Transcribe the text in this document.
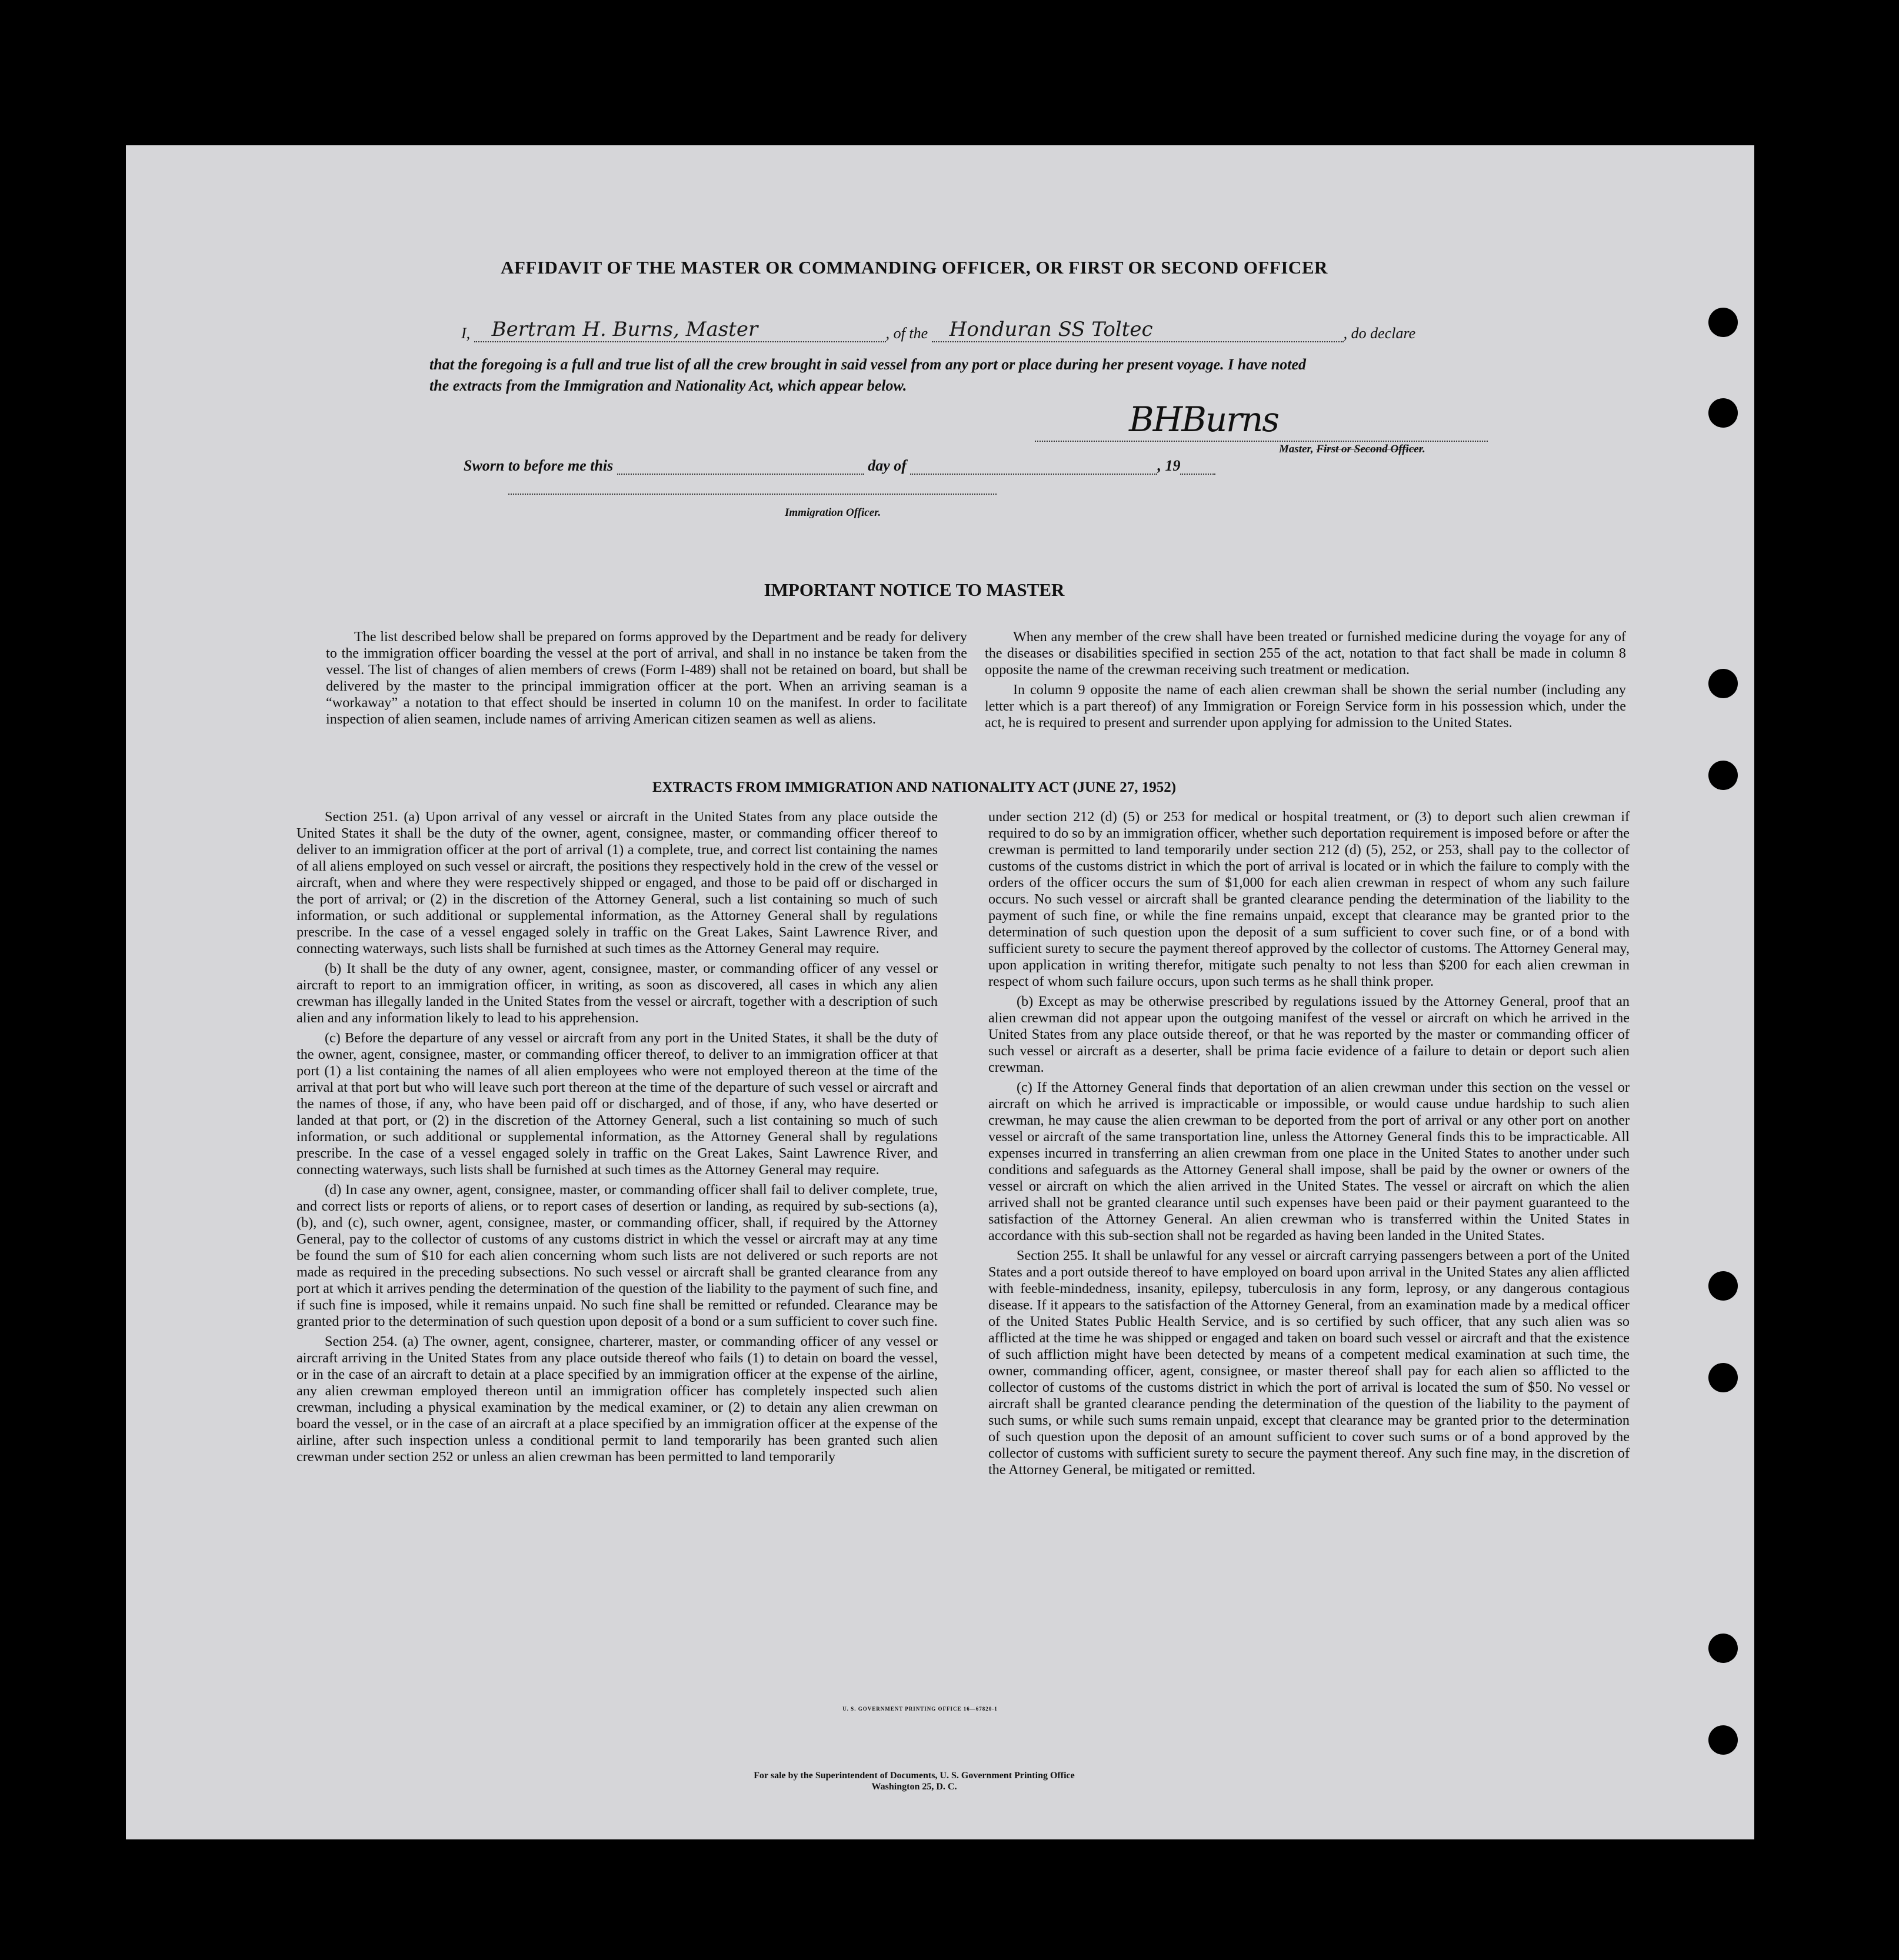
AFFIDAVIT OF THE MASTER OR COMMANDING OFFICER, OR FIRST OR SECOND OFFICER
I, Bertram H. Burns, Master	, of the Honduran SS Toltec	, do declare
that the foregoing is a full and true list of all the crew brought in said vessel from any port or place during her present voyage. I have noted
the extracts from the Immigration and Nationality Act, which appear below.
BHBurns
Master, First or Second Officer.
Sworn to before me this	day of	, 19
Immigration Officer.
IMPORTANT NOTICE TO MASTER

The list described below shall be prepared on forms approved by the Department and be ready for delivery to the immigration officer boarding the vessel at the port of arrival, and shall in no instance be taken from the vessel. The list of changes of alien members of crews (Form I-489) shall not be retained on board, but shall be delivered by the master to the principal immigration officer at the port. When an arriving seaman is a “workaway” a notation to that effect should be inserted in column 10 on the manifest. In order to facilitate inspection of alien seamen, include names of arriving American citizen seamen as well as aliens.

When any member of the crew shall have been treated or furnished medicine during the voyage for any of the diseases or disabilities specified in section 255 of the act, notation to that fact shall be made in column 8 opposite the name of the crewman receiving such treatment or medication.

In column 9 opposite the name of each alien crewman shall be shown the serial number (including any letter which is a part thereof) of any Immigration or Foreign Service form in his possession which, under the act, he is required to present and surrender upon applying for admission to the United States.

EXTRACTS FROM IMMIGRATION AND NATIONALITY ACT (JUNE 27, 1952)

Section 251. (a) Upon arrival of any vessel or aircraft in the United States from any place outside the United States it shall be the duty of the owner, agent, consignee, master, or commanding officer thereof to deliver to an immigration officer at the port of arrival (1) a complete, true, and correct list containing the names of all aliens employed on such vessel or aircraft, the positions they respectively hold in the crew of the vessel or aircraft, when and where they were respectively shipped or engaged, and those to be paid off or discharged in the port of arrival; or (2) in the discretion of the Attorney General, such a list containing so much of such information, or such additional or supplemental information, as the Attorney General shall by regulations prescribe. In the case of a vessel engaged solely in traffic on the Great Lakes, Saint Lawrence River, and connecting waterways, such lists shall be furnished at such times as the Attorney General may require.

(b) It shall be the duty of any owner, agent, consignee, master, or commanding officer of any vessel or aircraft to report to an immigration officer, in writing, as soon as discovered, all cases in which any alien crewman has illegally landed in the United States from the vessel or aircraft, together with a description of such alien and any information likely to lead to his apprehension.

(c) Before the departure of any vessel or aircraft from any port in the United States, it shall be the duty of the owner, agent, consignee, master, or commanding officer thereof, to deliver to an immigration officer at that port (1) a list containing the names of all alien employees who were not employed thereon at the time of the arrival at that port but who will leave such port thereon at the time of the departure of such vessel or aircraft and the names of those, if any, who have been paid off or discharged, and of those, if any, who have deserted or landed at that port, or (2) in the discretion of the Attorney General, such a list containing so much of such information, or such additional or supplemental information, as the Attorney General shall by regulations prescribe. In the case of a vessel engaged solely in traffic on the Great Lakes, Saint Lawrence River, and connecting waterways, such lists shall be furnished at such times as the Attorney General may require.

(d) In case any owner, agent, consignee, master, or commanding officer shall fail to deliver complete, true, and correct lists or reports of aliens, or to report cases of desertion or landing, as required by sub-sections (a), (b), and (c), such owner, agent, consignee, master, or commanding officer, shall, if required by the Attorney General, pay to the collector of customs of any customs district in which the vessel or aircraft may at any time be found the sum of $10 for each alien concerning whom such lists are not delivered or such reports are not made as required in the preceding subsections. No such vessel or aircraft shall be granted clearance from any port at which it arrives pending the determination of the question of the liability to the payment of such fine, and if such fine is imposed, while it remains unpaid. No such fine shall be remitted or refunded. Clearance may be granted prior to the determination of such question upon deposit of a bond or a sum sufficient to cover such fine.

Section 254. (a) The owner, agent, consignee, charterer, master, or commanding officer of any vessel or aircraft arriving in the United States from any place outside thereof who fails (1) to detain on board the vessel, or in the case of an aircraft to detain at a place specified by an immigration officer at the expense of the airline, any alien crewman employed thereon until an immigration officer has completely inspected such alien crewman, including a physical examination by the medical examiner, or (2) to detain any alien crewman on board the vessel, or in the case of an aircraft at a place specified by an immigration officer at the expense of the airline, after such inspection unless a conditional permit to land temporarily has been granted such alien crewman under section 252 or unless an alien crewman has been permitted to land temporarily

under section 212 (d) (5) or 253 for medical or hospital treatment, or (3) to deport such alien crewman if required to do so by an immigration officer, whether such deportation requirement is imposed before or after the crewman is permitted to land temporarily under section 212 (d) (5), 252, or 253, shall pay to the collector of customs of the customs district in which the port of arrival is located or in which the failure to comply with the orders of the officer occurs the sum of $1,000 for each alien crewman in respect of whom any such failure occurs. No such vessel or aircraft shall be granted clearance pending the determination of the liability to the payment of such fine, or while the fine remains unpaid, except that clearance may be granted prior to the determination of such question upon the deposit of a sum sufficient to cover such fine, or of a bond with sufficient surety to secure the payment thereof approved by the collector of customs. The Attorney General may, upon application in writing therefor, mitigate such penalty to not less than $200 for each alien crewman in respect of whom such failure occurs, upon such terms as he shall think proper.

(b) Except as may be otherwise prescribed by regulations issued by the Attorney General, proof that an alien crewman did not appear upon the outgoing manifest of the vessel or aircraft on which he arrived in the United States from any place outside thereof, or that he was reported by the master or commanding officer of such vessel or aircraft as a deserter, shall be prima facie evidence of a failure to detain or deport such alien crewman.

(c) If the Attorney General finds that deportation of an alien crewman under this section on the vessel or aircraft on which he arrived is impracticable or impossible, or would cause undue hardship to such alien crewman, he may cause the alien crewman to be deported from the port of arrival or any other port on another vessel or aircraft of the same transportation line, unless the Attorney General finds this to be impracticable. All expenses incurred in transferring an alien crewman from one place in the United States to another under such conditions and safeguards as the Attorney General shall impose, shall be paid by the owner or owners of the vessel or aircraft on which the alien arrived in the United States. The vessel or aircraft on which the alien arrived shall not be granted clearance until such expenses have been paid or their payment guaranteed to the satisfaction of the Attorney General. An alien crewman who is transferred within the United States in accordance with this sub-section shall not be regarded as having been landed in the United States.

Section 255. It shall be unlawful for any vessel or aircraft carrying passengers between a port of the United States and a port outside thereof to have employed on board upon arrival in the United States any alien afflicted with feeble-mindedness, insanity, epilepsy, tuberculosis in any form, leprosy, or any dangerous contagious disease. If it appears to the satisfaction of the Attorney General, from an examination made by a medical officer of the United States Public Health Service, and is so certified by such officer, that any such alien was so afflicted at the time he was shipped or engaged and taken on board such vessel or aircraft and that the existence of such affliction might have been detected by means of a competent medical examination at such time, the owner, commanding officer, agent, consignee, or master thereof shall pay for each alien so afflicted to the collector of customs of the customs district in which the port of arrival is located the sum of $50. No vessel or aircraft shall be granted clearance pending the determination of the question of the liability to the payment of such sums, or while such sums remain unpaid, except that clearance may be granted prior to the determination of such question upon the deposit of an amount sufficient to cover such sums or of a bond approved by the collector of customs with sufficient surety to secure the payment thereof. Any such fine may, in the discretion of the Attorney General, be mitigated or remitted.

U. S. GOVERNMENT PRINTING OFFICE 16—67820-1
For sale by the Superintendent of Documents, U. S. Government Printing Office
Washington 25, D. C.
